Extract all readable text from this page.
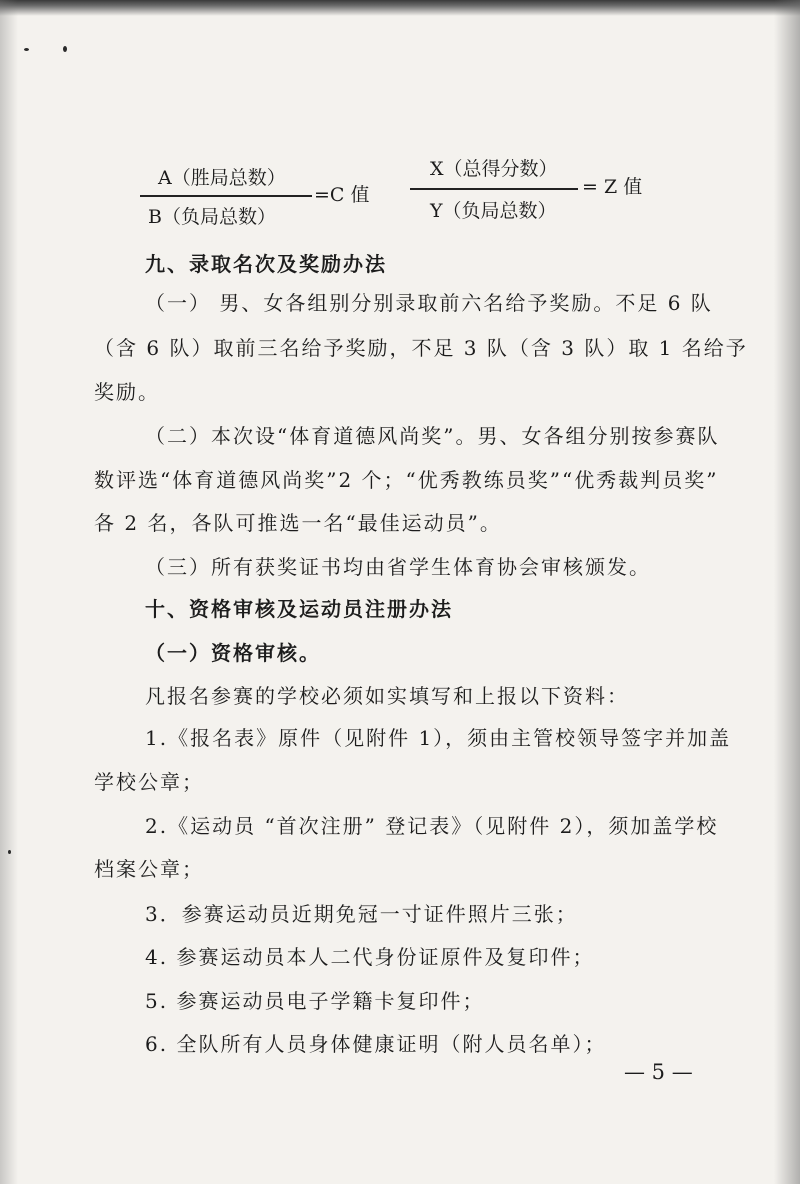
A（胜局总数）
B（负局总数）
=C 值
X（总得分数）
Y（负局总数）
= Z 值
九、录取名次及奖励办法
（一） 男、女各组别分别录取前六名给予奖励。不足 6 队
（含 6 队）取前三名给予奖励，不足 3 队（含 3 队）取 1 名给予
奖励。
（二）本次设“体育道德风尚奖”。男、女各组分别按参赛队
数评选“体育道德风尚奖”2 个；“优秀教练员奖”“优秀裁判员奖”
各 2 名，各队可推选一名“最佳运动员”。
（三）所有获奖证书均由省学生体育协会审核颁发。
十、资格审核及运动员注册办法
（一）资格审核。
凡报名参赛的学校必须如实填写和上报以下资料：
1.《报名表》原件（见附件 1），须由主管校领导签字并加盖
学校公章；
2.《运动员 “首次注册” 登记表》（见附件 2），须加盖学校
档案公章；
3．参赛运动员近期免冠一寸证件照片三张；
4. 参赛运动员本人二代身份证原件及复印件；
5. 参赛运动员电子学籍卡复印件；
6. 全队所有人员身体健康证明（附人员名单）；
— 5 —
